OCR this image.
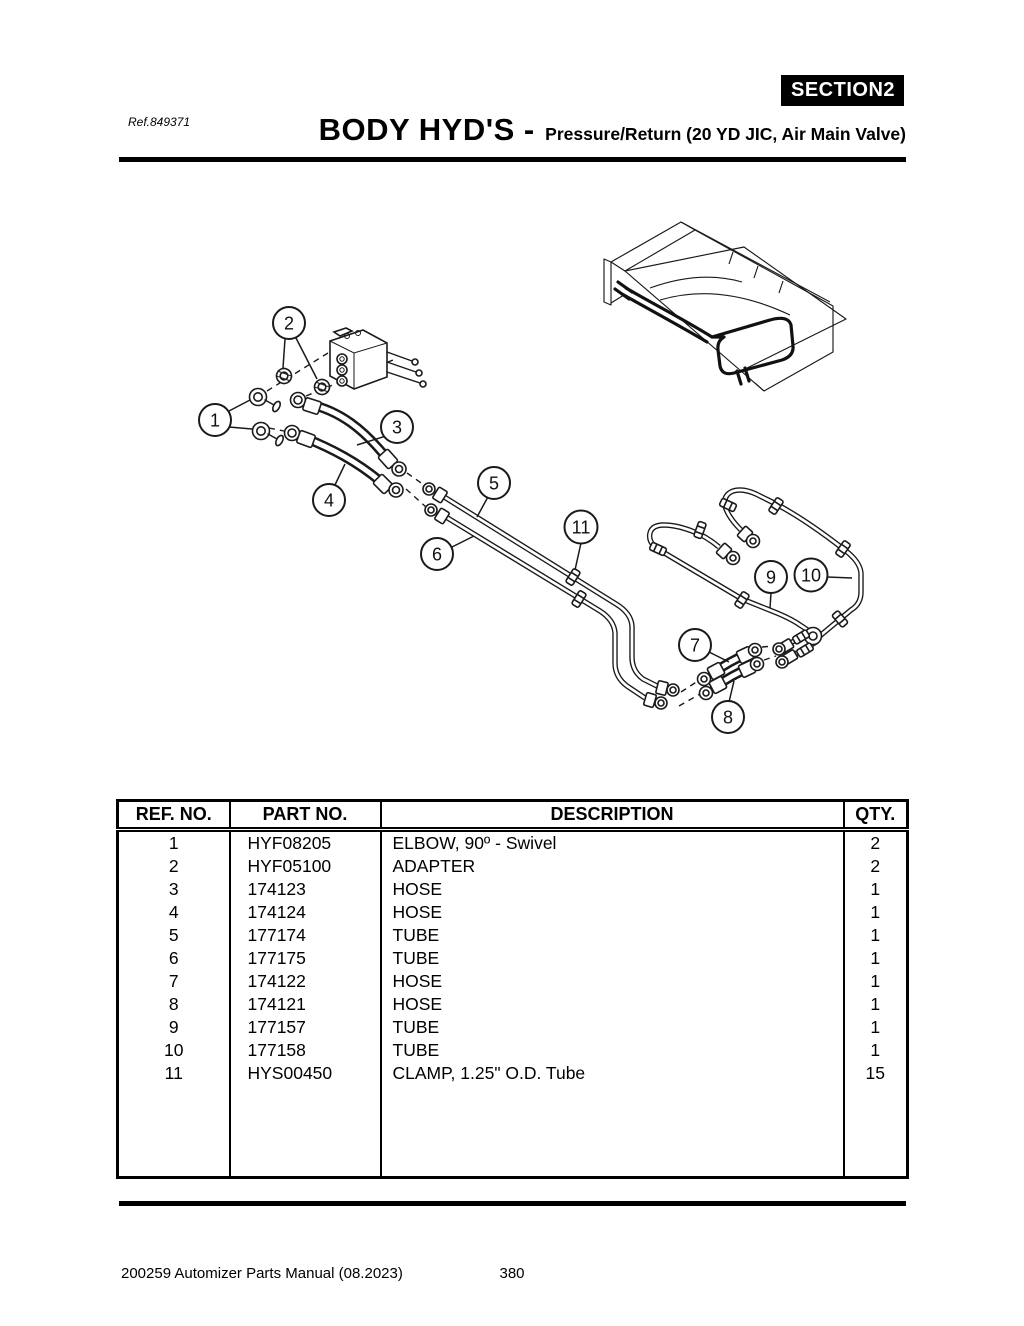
SECTION 2
Ref.849371	BODY HYD'S - Pressure/Return (20 YD JIC, Air Main Valve)
1
2
3
4
5
6
7
8
9 10
11
REF. NO.	PART NO.	DESCRIPTION	QTY.
1	HYF08205	ELBOW, 90º - Swivel	2
2	HYF05100	ADAPTER	2
3	174123	HOSE	1
4	174124	HOSE	1
5	177174	TUBE	1
6	177175	TUBE	1
7	174122	HOSE	1
8	174121	HOSE	1
9	177157	TUBE	1
10	177158	TUBE	1
11	HYS00450	CLAMP, 1.25" O.D. Tube	15

200259 Automizer Parts Manual (08.2023)	380
